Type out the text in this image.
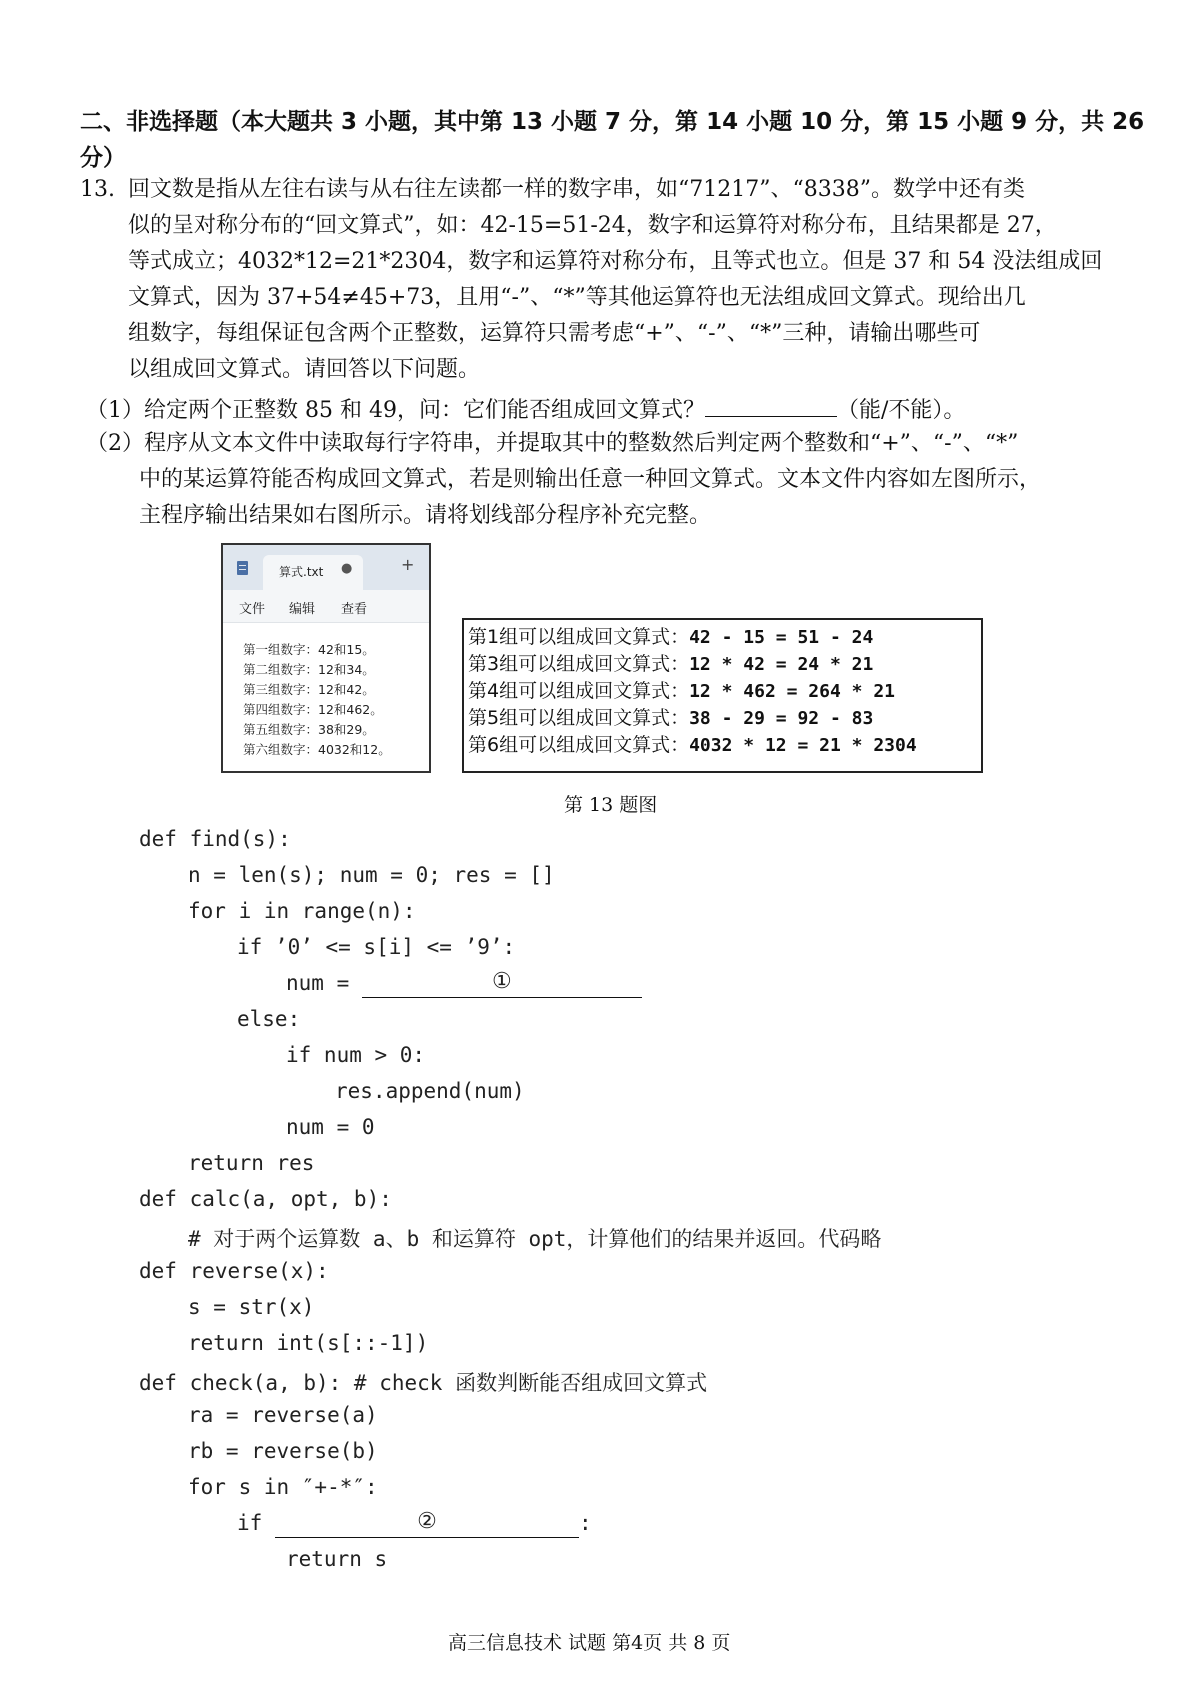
二、非选择题（本大题共 3 小题，其中第 13 小题 7 分，第 14 小题 10 分，第 15 小题 9 分，共 26
分）
13. 回文数是指从左往右读与从右往左读都一样的数字串，如“71217”、“8338”。数学中还有类
似的呈对称分布的“回文算式”，如：42-15=51-24，数字和运算符对称分布，且结果都是 27，
等式成立；4032*12=21*2304，数字和运算符对称分布，且等式也立。但是 37 和 54 没法组成回
文算式，因为 37+54≠45+73，且用“-”、“*”等其他运算符也无法组成回文算式。现给出几
组数字，每组保证包含两个正整数，运算符只需考虑“+”、“-”、“*”三种，请输出哪些可
以组成回文算式。请回答以下问题。
（1）给定两个正整数 85 和 49，问：它们能否组成回文算式？	（能/不能）。
（2）程序从文本文件中读取每行字符串，并提取其中的整数然后判定两个整数和“+”、“-”、“*”
中的某运算符能否构成回文算式，若是则输出任意一种回文算式。文本文件内容如左图所示，
主程序输出结果如右图所示。请将划线部分程序补充完整。
算式.txt ●	+
文件 编辑 查看
第一组数字：42和15。
第二组数字：12和34。
第三组数字：12和42。
第四组数字：12和462。
第五组数字：38和29。
第六组数字：4032和12。
第1组可以组成回文算式：42 - 15 = 51 - 24
第3组可以组成回文算式：12 * 42 = 24 * 21
第4组可以组成回文算式：12 * 462 = 264 * 21
第5组可以组成回文算式：38 - 29 = 92 - 83
第6组可以组成回文算式：4032 * 12 = 21 * 2304
第 13 题图
def find(s):
n = len(s); num = 0; res = []
for i in range(n):
if ’0’ <= s[i] <= ’9’:
num =	①
else:
if num > 0:
res.append(num)
num = 0
return res
def calc(a, opt, b):
# 对于两个运算数 a、b 和运算符 opt，计算他们的结果并返回。代码略
def reverse(x):
s = str(x)
return int(s[::-1])
def check(a, b): # check 函数判断能否组成回文算式
ra = reverse(a)
rb = reverse(b)
for s in ″+-*″:
if	②	:
return s
高三信息技术 试题 第4页 共 8 页
